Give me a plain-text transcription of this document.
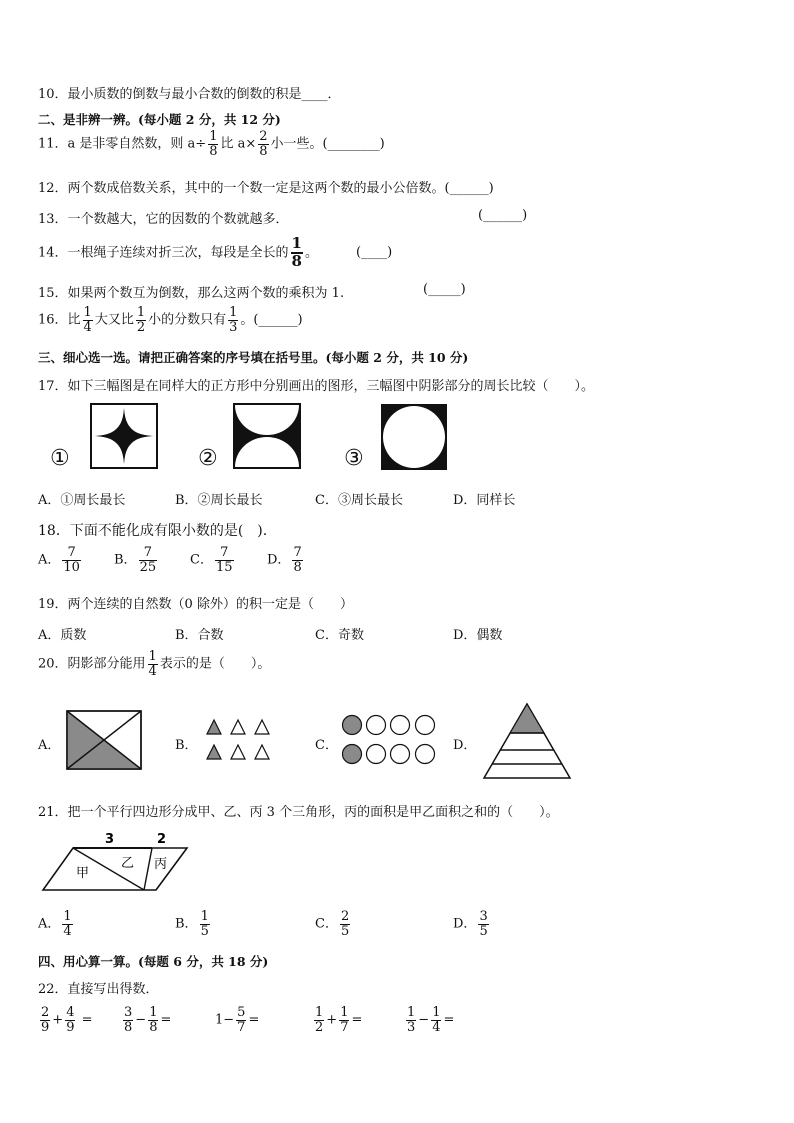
10．最小质数的倒数与最小合数的倒数的积是____．
二、是非辨一辨。(每小题 2 分，共 12 分)
11．a 是非零自然数，则 $a\div \frac{1}{8}$ 比 $a\times \frac{2}{8}$ 小一些。(________)
12．两个数成倍数关系，其中的一个数一定是这两个数的最小公倍数。(______)
13．一个数越大，它的因数的个数就越多．	(______)
14．一根绳子连续对折三次，每段是全长的 $\frac{1}{8}$ 。	(____)
15．如果两个数互为倒数，那么这两个数的乘积为 1.	(_____)
16．比 $\frac{1}{4}$ 大又比 $\frac{1}{2}$ 小的分数只有 $\frac{1}{3}$ 。(______)
三、细心选一选。请把正确答案的序号填在括号里。(每小题 2 分，共 10 分)
17．如下三幅图是在同样大的正方形中分别画出的图形，三幅图中阴影部分的周长比较（　　）。
①	②	③
A．①周长最长	B．②周长最长	C．③周长最长	D．同样长
18．下面不能化成有限小数的是(　).
A． $\frac{7}{10}$	B． $\frac{7}{25}$	C． $\frac{7}{15}$	D． $\frac{7}{8}$
19．两个连续的自然数（0 除外）的积一定是（　　）
A．质数	B．合数	C．奇数	D．偶数
20．阴影部分能用 $\frac{1}{4}$ 表示的是（　　）。
A．	B．	C．	D．
21．把一个平行四边形分成甲、乙、丙 3 个三角形，丙的面积是甲乙面积之和的（　　）。
3	2
甲
乙 丙
A． $\frac{1}{4}$	B． $\frac{1}{5}$	C． $\frac{2}{5}$	D． $\frac{3}{5}$
四、用心算一算。(每题 6 分，共 18 分)
22．直接写出得数．
$\frac{2}{9} + \frac{4}{9} = \frac{3}{8} - \frac{1}{8}$ =	$1- \frac{5}{7}$ =	$\frac{1}{2} + \frac{1}{7}$ =	$\frac{1}{3} - \frac{1}{4}$ =
